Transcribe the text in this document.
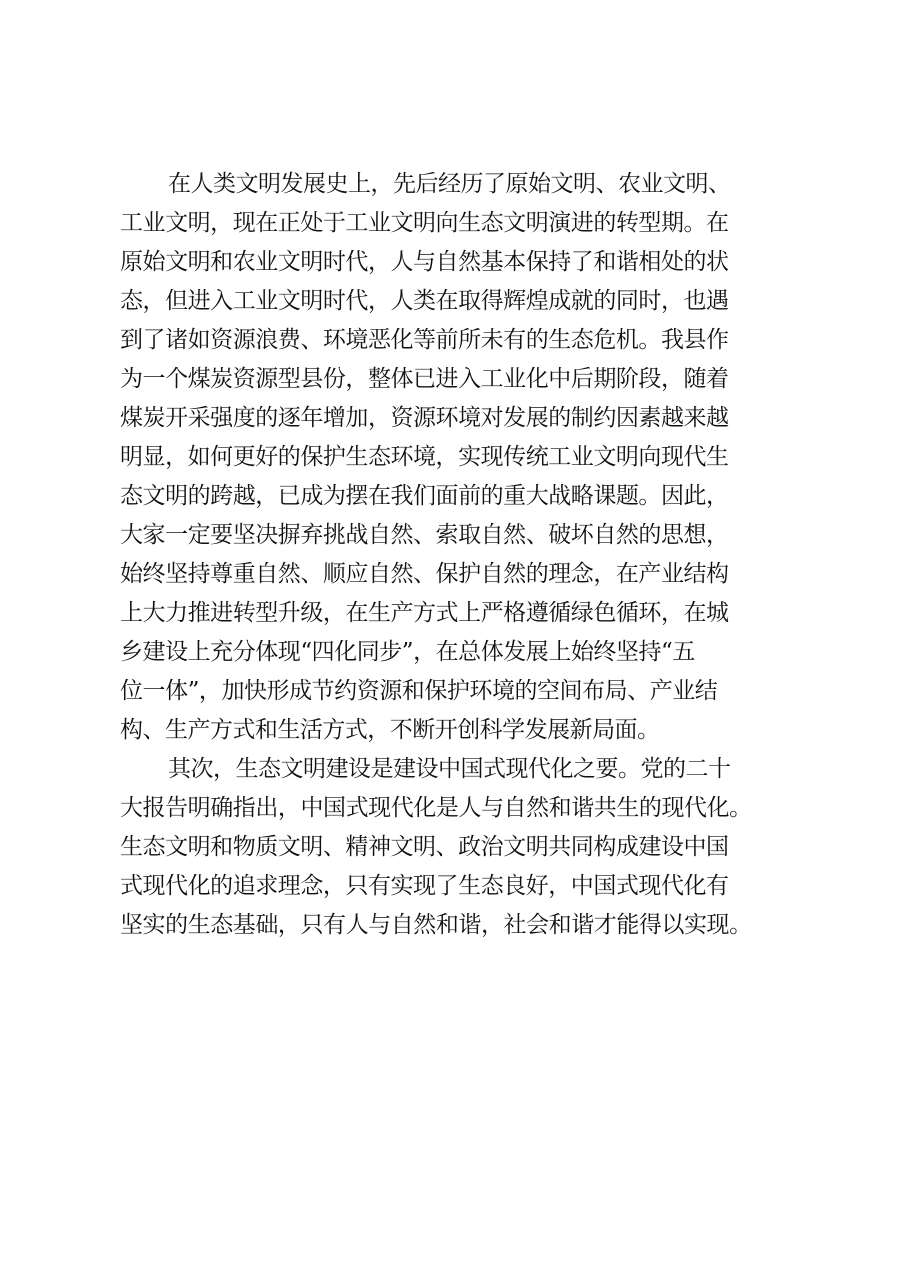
在人类文明发展史上，先后经历了原始文明、农业文明、
工业文明，现在正处于工业文明向生态文明演进的转型期。在
原始文明和农业文明时代，人与自然基本保持了和谐相处的状
态，但进入工业文明时代，人类在取得辉煌成就的同时，也遇
到了诸如资源浪费、环境恶化等前所未有的生态危机。我县作
为一个煤炭资源型县份，整体已进入工业化中后期阶段，随着
煤炭开采强度的逐年增加，资源环境对发展的制约因素越来越
明显，如何更好的保护生态环境，实现传统工业文明向现代生
态文明的跨越，已成为摆在我们面前的重大战略课题。因此，
大家一定要坚决摒弃挑战自然、索取自然、破坏自然的思想，
始终坚持尊重自然、顺应自然、保护自然的理念，在产业结构
上大力推进转型升级，在生产方式上严格遵循绿色循环，在城
乡建设上充分体现“四化同步”，在总体发展上始终坚持“五
位一体”，加快形成节约资源和保护环境的空间布局、产业结
构、生产方式和生活方式，不断开创科学发展新局面。
其次，生态文明建设是建设中国式现代化之要。党的二十
大报告明确指出，中国式现代化是人与自然和谐共生的现代化。
生态文明和物质文明、精神文明、政治文明共同构成建设中国
式现代化的追求理念，只有实现了生态良好，中国式现代化有
坚实的生态基础，只有人与自然和谐，社会和谐才能得以实现。
